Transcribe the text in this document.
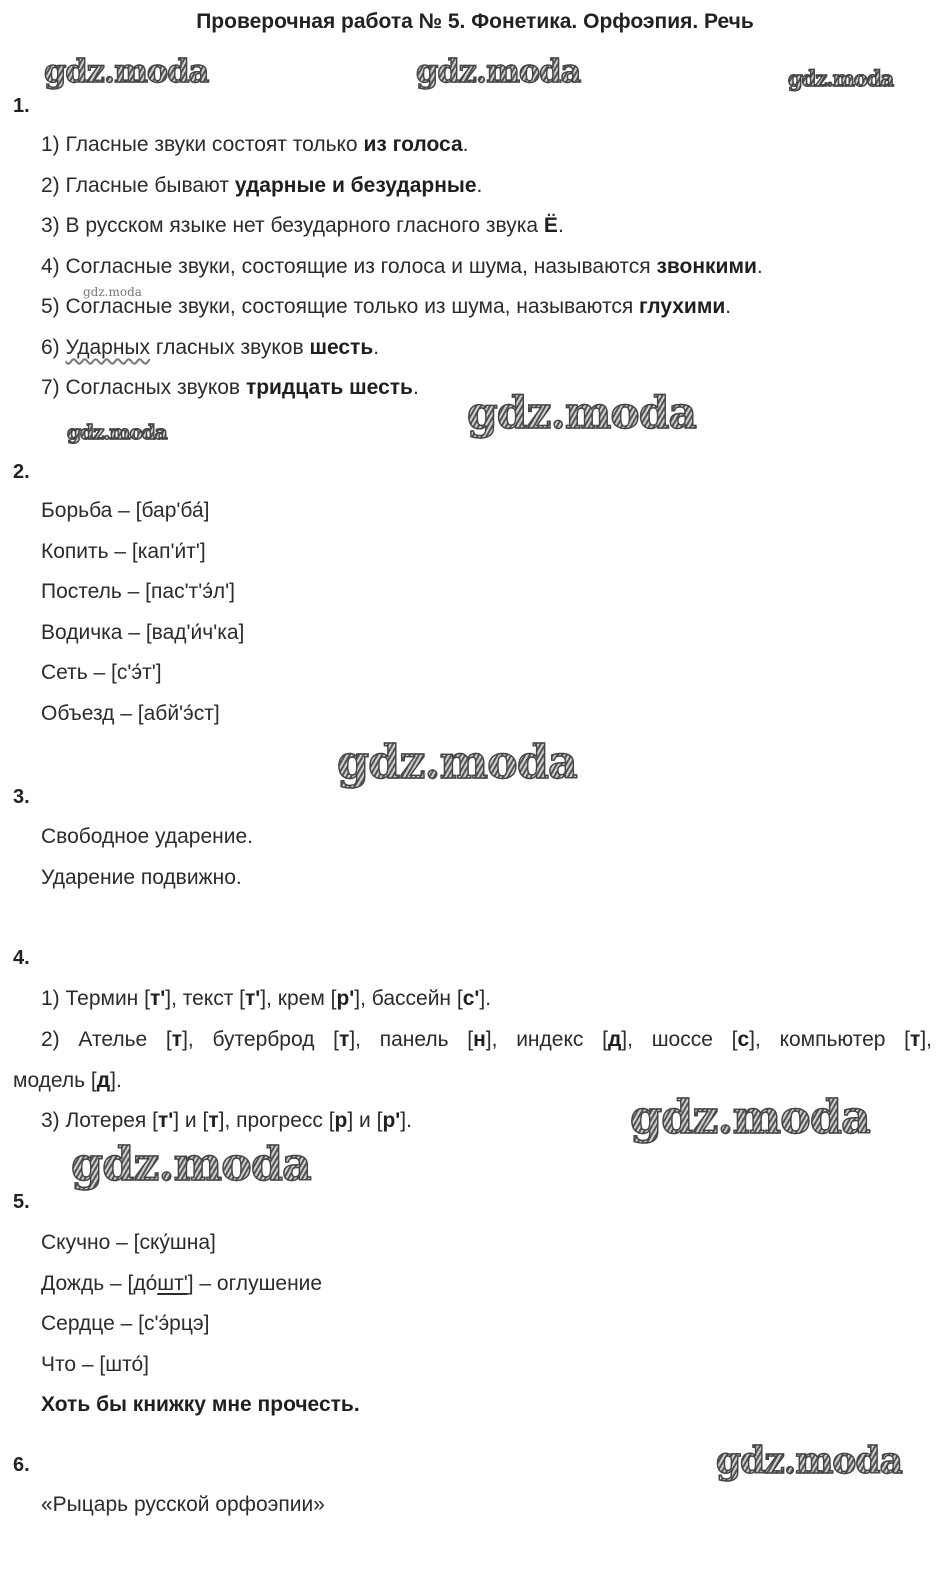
Проверочная работа № 5. Фонетика. Орфоэпия. Речь
gdz.moda	gdz.moda	gdz.moda
gdz.moda
gdz.moda
gdz.moda
gdz.moda
gdz.moda
gdz.moda
gdz.moda
1.
1) Гласные звуки состоят только из голоса.
2) Гласные бывают ударные и безударные.
3) В русском языке нет безударного гласного звука Ё.
4) Согласные звуки, состоящие из голоса и шума, называются звонкими.
5) Согласные звуки, состоящие только из шума, называются глухими.
6) Ударных гласных звуков шесть.
7) Согласных звуков тридцать шесть.
2.
Борьба – [бар'ба́]
Копить – [кап'и́т']
Постель – [пас'т'э́л']
Водичка – [вад'и́ч'ка]
Сеть – [с'э́т']
Объезд – [абй'э́ст]
3.
Свободное ударение.
Ударение подвижно.
4.
1) Термин [т'], текст [т'], крем [р'], бассейн [с'].
2) Ателье [т], бутерброд [т], панель [н], индекс [д], шоссе [с], компьютер [т],
модель [д].
3) Лотерея [т'] и [т], прогресс [р] и [р'].
5.
Скучно – [ску́шна]
Дождь – [до́шт'] – оглушение
Сердце – [с'э́рцэ]
Что – [што́]
Хоть бы книжку мне прочесть.
6.
«Рыцарь русской орфоэпии»
